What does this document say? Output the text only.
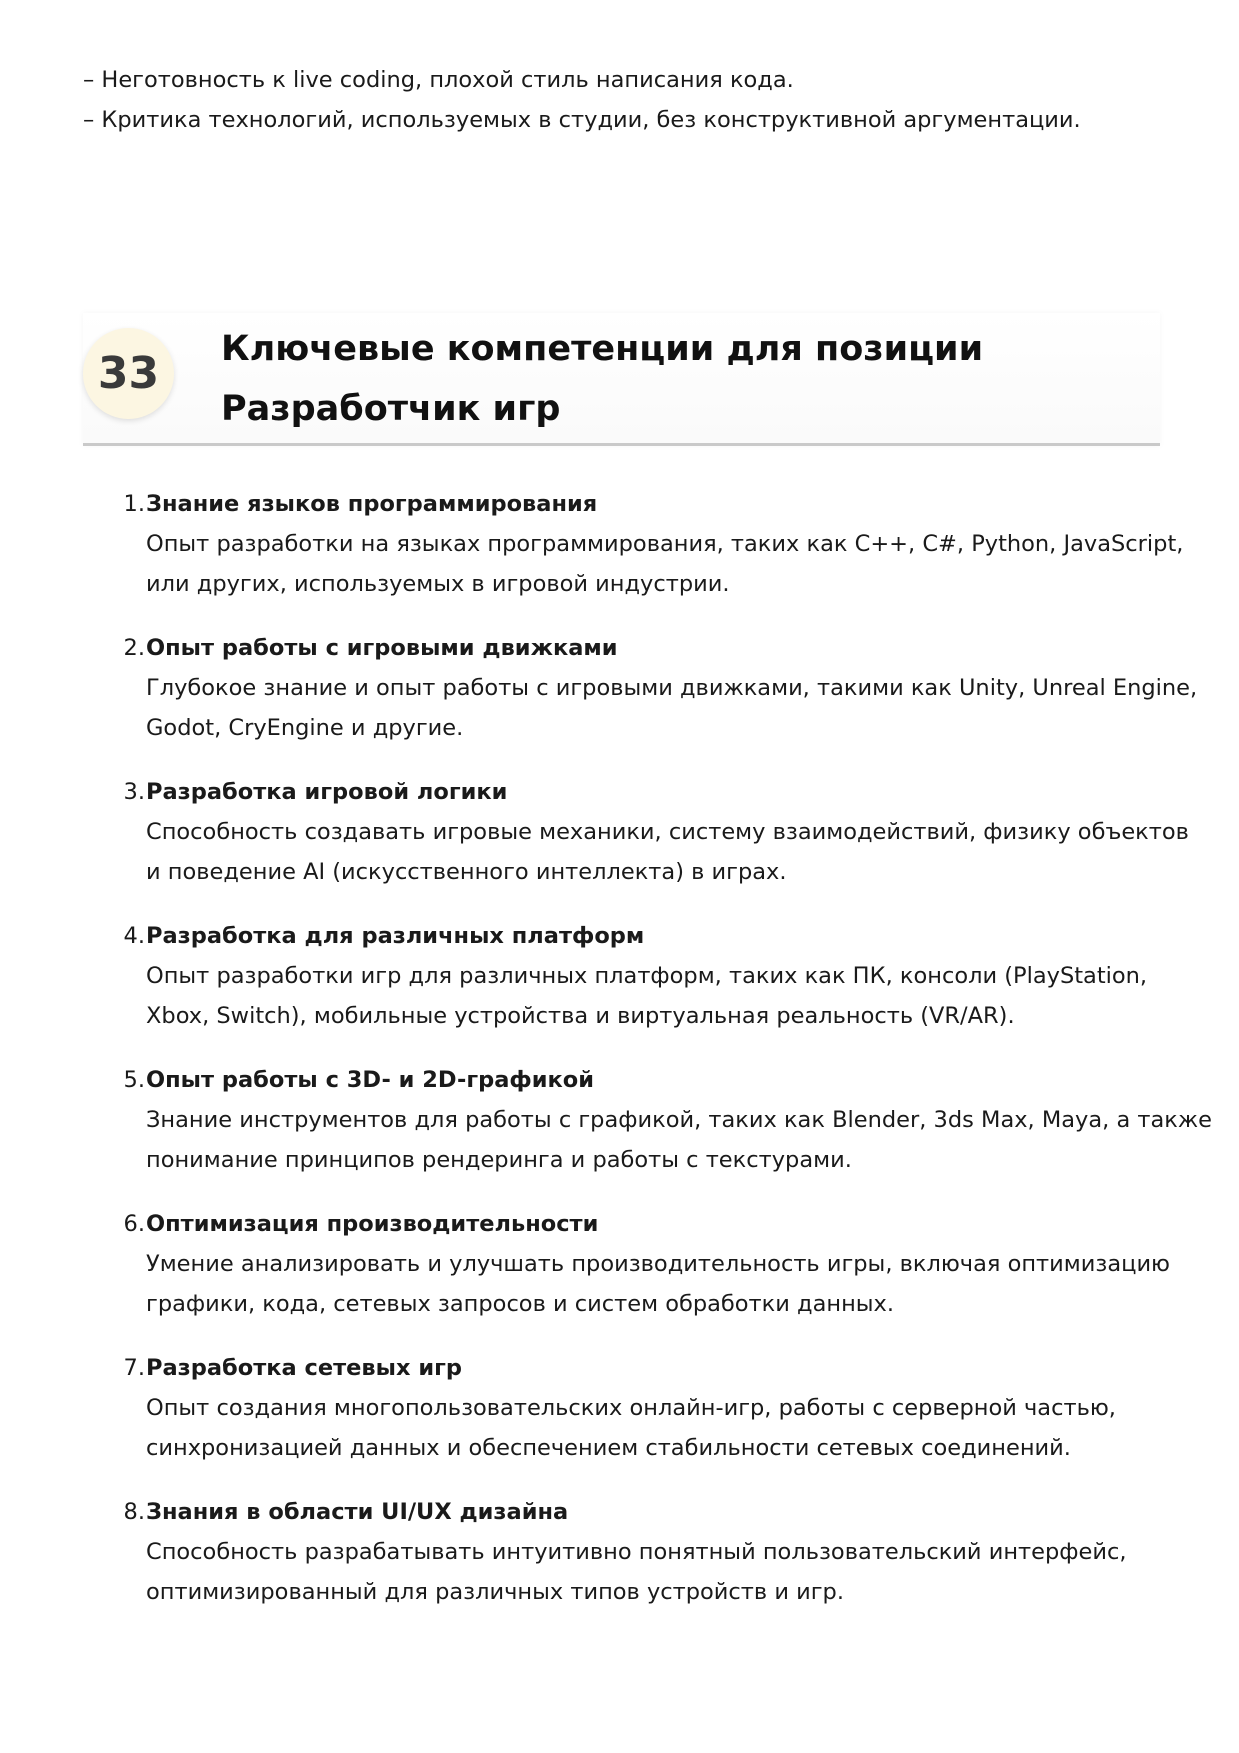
– Неготовность к live coding, плохой стиль написания кода.
– Критика технологий, используемых в студии, без конструктивной аргументации.
33	Ключевые компетенции для позиции
Разработчик игр
1. Знание языков программирования
Опыт разработки на языках программирования, таких как C++, C#, Python, JavaScript,
или других, используемых в игровой индустрии.
2. Опыт работы с игровыми движками
Глубокое знание и опыт работы с игровыми движками, такими как Unity, Unreal Engine,
Godot, CryEngine и другие.
3. Разработка игровой логики
Способность создавать игровые механики, систему взаимодействий, физику объектов
и поведение AI (искусственного интеллекта) в играх.
4. Разработка для различных платформ
Опыт разработки игр для различных платформ, таких как ПК, консоли (PlayStation,
Xbox, Switch), мобильные устройства и виртуальная реальность (VR/AR).
5. Опыт работы с 3D- и 2D-графикой
Знание инструментов для работы с графикой, таких как Blender, 3ds Max, Maya, а также
понимание принципов рендеринга и работы с текстурами.
6. Оптимизация производительности
Умение анализировать и улучшать производительность игры, включая оптимизацию
графики, кода, сетевых запросов и систем обработки данных.
7. Разработка сетевых игр
Опыт создания многопользовательских онлайн-игр, работы с серверной частью,
синхронизацией данных и обеспечением стабильности сетевых соединений.
8. Знания в области UI/UX дизайна
Способность разрабатывать интуитивно понятный пользовательский интерфейс,
оптимизированный для различных типов устройств и игр.
